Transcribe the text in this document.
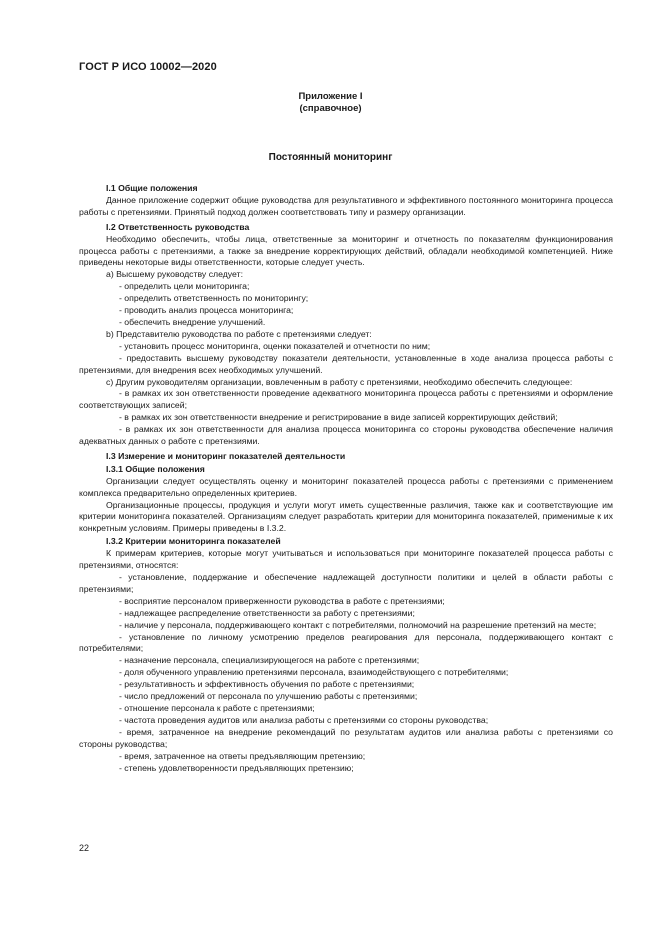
ГОСТ Р ИСО 10002—2020
Приложение I
(справочное)
Постоянный мониторинг
I.1 Общие положения

Данное приложение содержит общие руководства для результативного и эффективного постоянного мониторинга процесса работы с претензиями. Принятый подход должен соответствовать типу и размеру организации.

I.2 Ответственность руководства

Необходимо обеспечить, чтобы лица, ответственные за мониторинг и отчетность по показателям функционирования процесса работы с претензиями, а также за внедрение корректирующих действий, обладали необходимой компетенцией. Ниже приведены некоторые виды ответственности, которые следует учесть.

a) Высшему руководству следует:

- определить цели мониторинга;

- определить ответственность по мониторингу;

- проводить анализ процесса мониторинга;

- обеспечить внедрение улучшений.

b) Представителю руководства по работе с претензиями следует:

- установить процесс мониторинга, оценки показателей и отчетности по ним;

- предоставить высшему руководству показатели деятельности, установленные в ходе анализа процесса работы с претензиями, для внедрения всех необходимых улучшений.

c) Другим руководителям организации, вовлеченным в работу с претензиями, необходимо обеспечить следующее:

- в рамках их зон ответственности проведение адекватного мониторинга процесса работы с претензиями и оформление соответствующих записей;

- в рамках их зон ответственности внедрение и регистрирование в виде записей корректирующих действий;

- в рамках их зон ответственности для анализа процесса мониторинга со стороны руководства обеспечение наличия адекватных данных о работе с претензиями.

I.3 Измерение и мониторинг показателей деятельности
I.3.1 Общие положения

Организации следует осуществлять оценку и мониторинг показателей процесса работы с претензиями с применением комплекса предварительно определенных критериев.

Организационные процессы, продукция и услуги могут иметь существенные различия, также как и соответствующие им критерии мониторинга показателей. Организациям следует разработать критерии для мониторинга показателей, применимые к их конкретным условиям. Примеры приведены в I.3.2.

I.3.2 Критерии мониторинга показателей

К примерам критериев, которые могут учитываться и использоваться при мониторинге показателей процесса работы с претензиями, относятся:

- установление, поддержание и обеспечение надлежащей доступности политики и целей в области работы с претензиями;

- восприятие персоналом приверженности руководства в работе с претензиями;

- надлежащее распределение ответственности за работу с претензиями;

- наличие у персонала, поддерживающего контакт с потребителями, полномочий на разрешение претензий на месте;

- установление по личному усмотрению пределов реагирования для персонала, поддерживающего контакт с потребителями;

- назначение персонала, специализирующегося на работе с претензиями;

- доля обученного управлению претензиями персонала, взаимодействующего с потребителями;

- результативность и эффективность обучения по работе с претензиями;

- число предложений от персонала по улучшению работы с претензиями;

- отношение персонала к работе с претензиями;

- частота проведения аудитов или анализа работы с претензиями со стороны руководства;

- время, затраченное на внедрение рекомендаций по результатам аудитов или анализа работы с претензиями со стороны руководства;

- время, затраченное на ответы предъявляющим претензию;

- степень удовлетворенности предъявляющих претензию;

22
